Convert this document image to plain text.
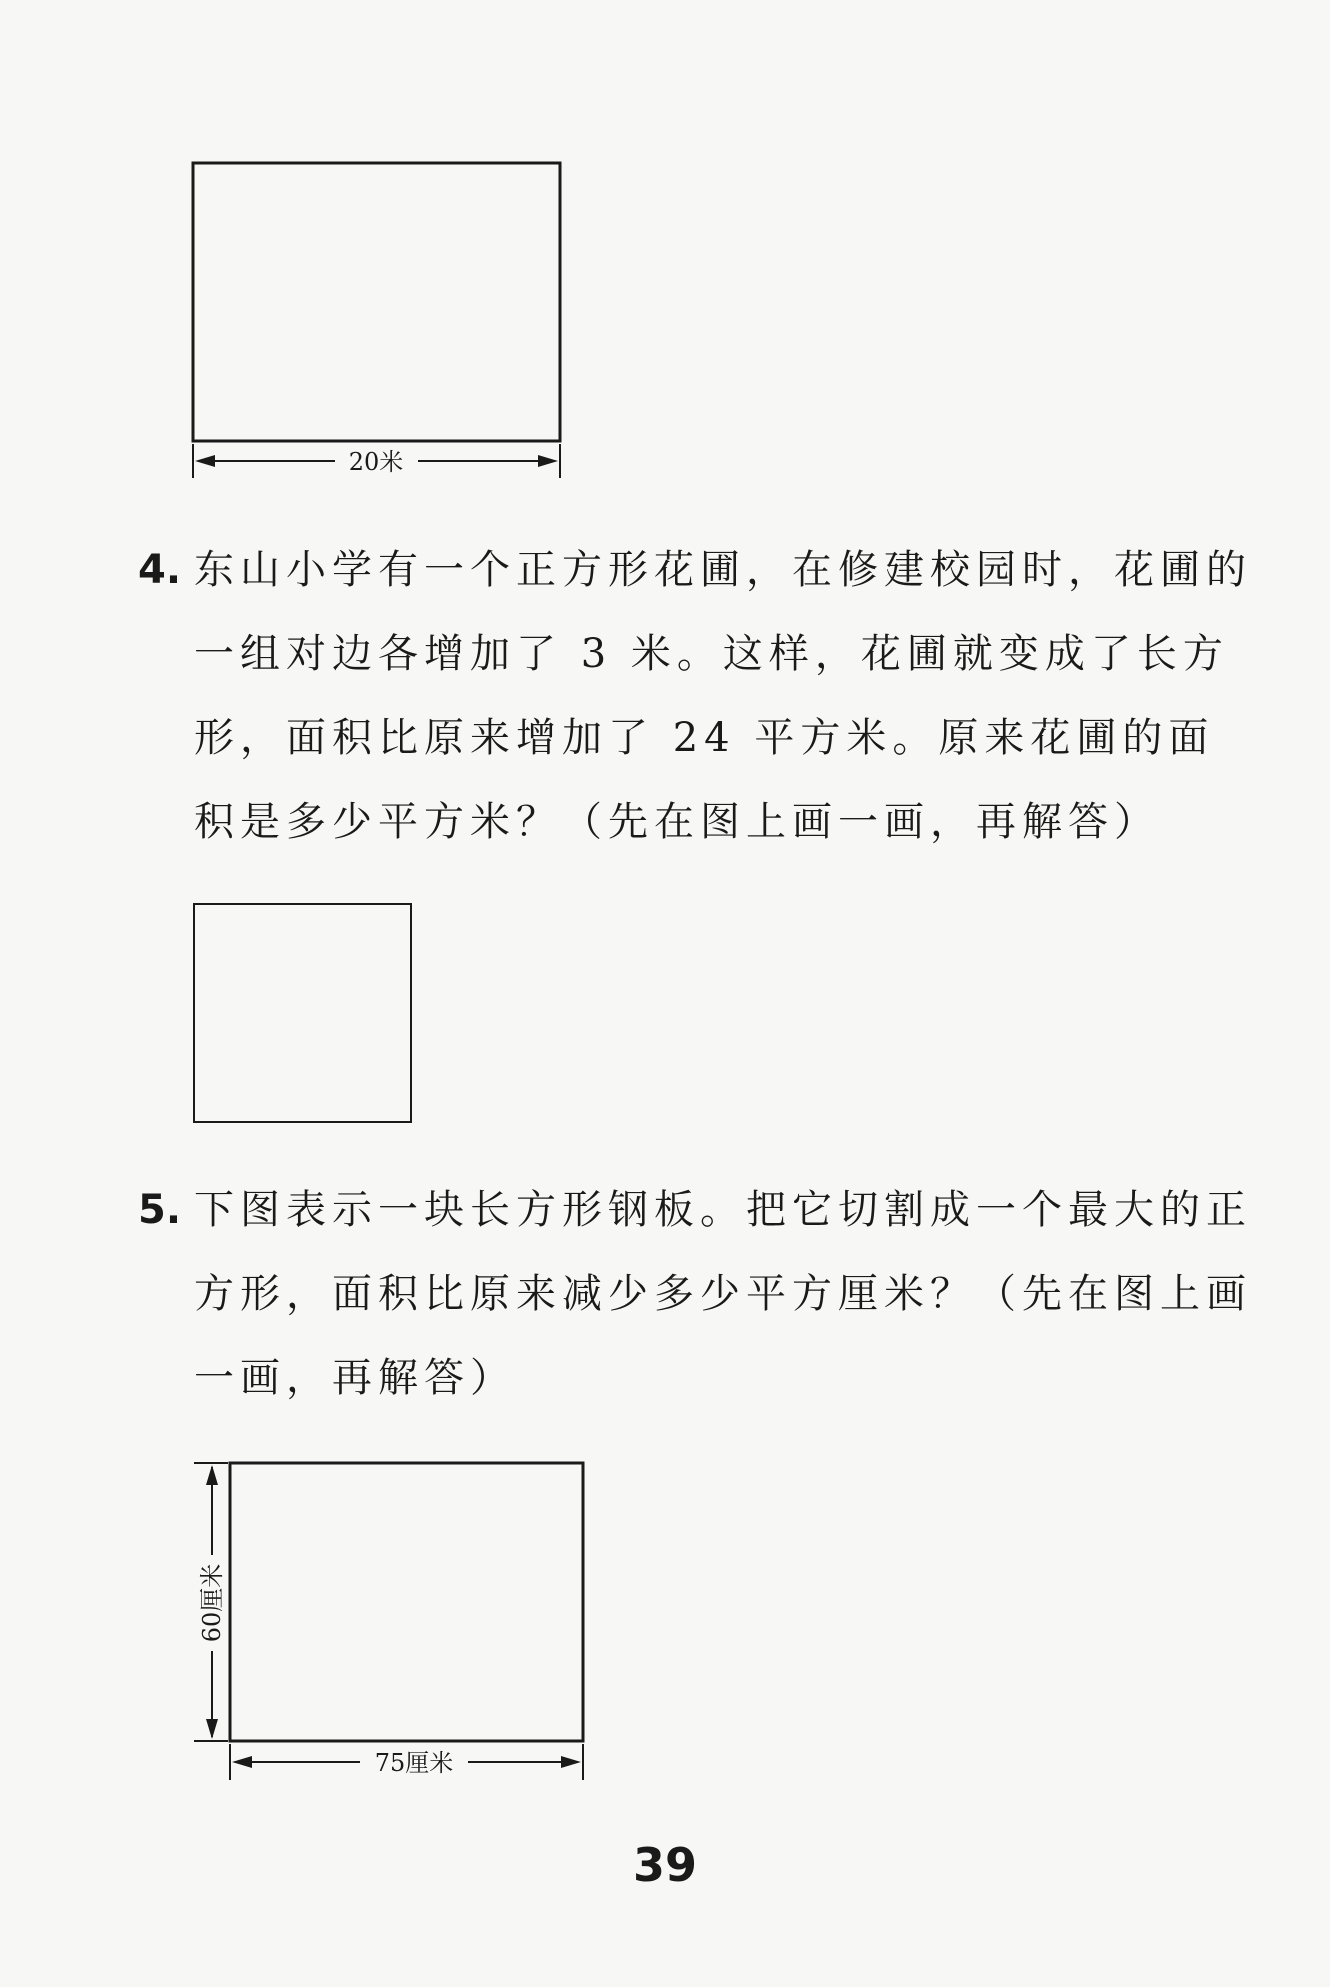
20米
4. 东山小学有一个正方形花圃，在修建校园时，花圃的一组对边各增加了 3 米。这样，花圃就变成了长方形，面积比原来增加了 24 平方米。原来花圃的面积是多少平方米？（先在图上画一画，再解答）
5. 下图表示一块长方形钢板。把它切割成一个最大的正方形，面积比原来减少多少平方厘米？（先在图上画一画，再解答）
60厘米
75厘米
39
